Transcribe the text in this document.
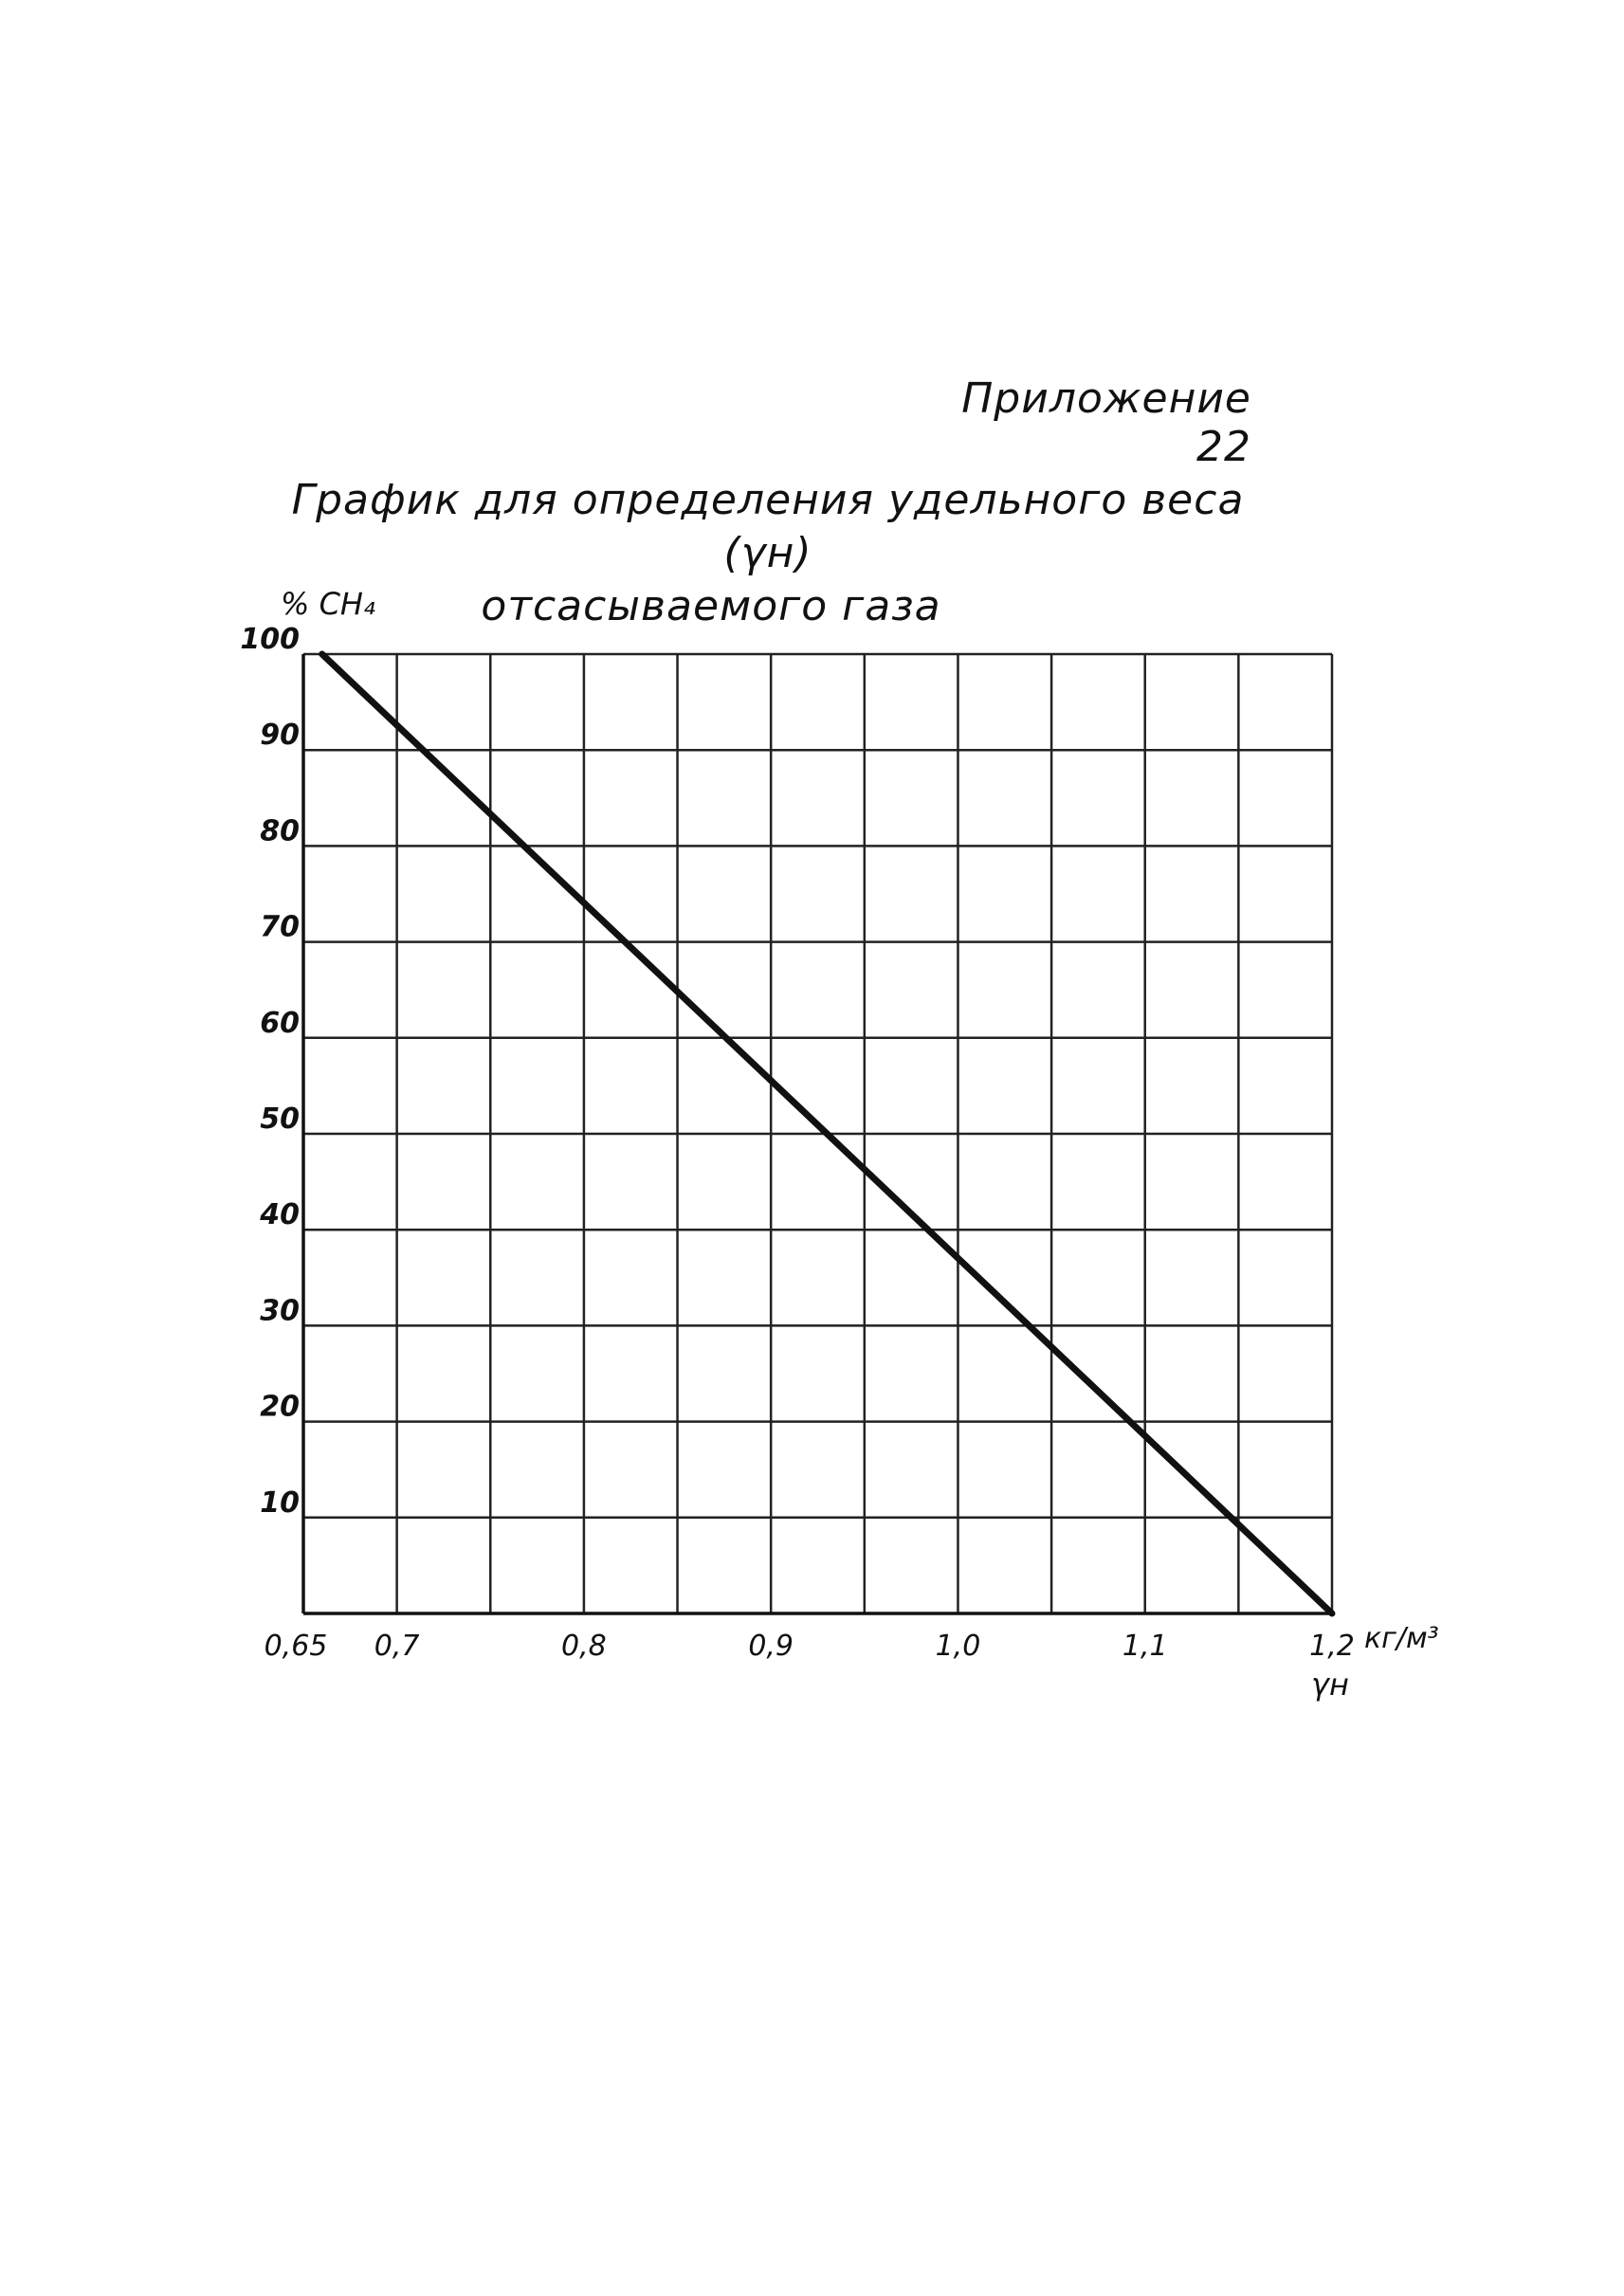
Приложение 22
График для определения удельного веса (γн)
отсасываемого газа
10
20
30
40
50
60
70
80
90
100
0,65 0,7	0,8	0,9	1,0	1,1	1,2
% CH₄
кг/м³
γн
